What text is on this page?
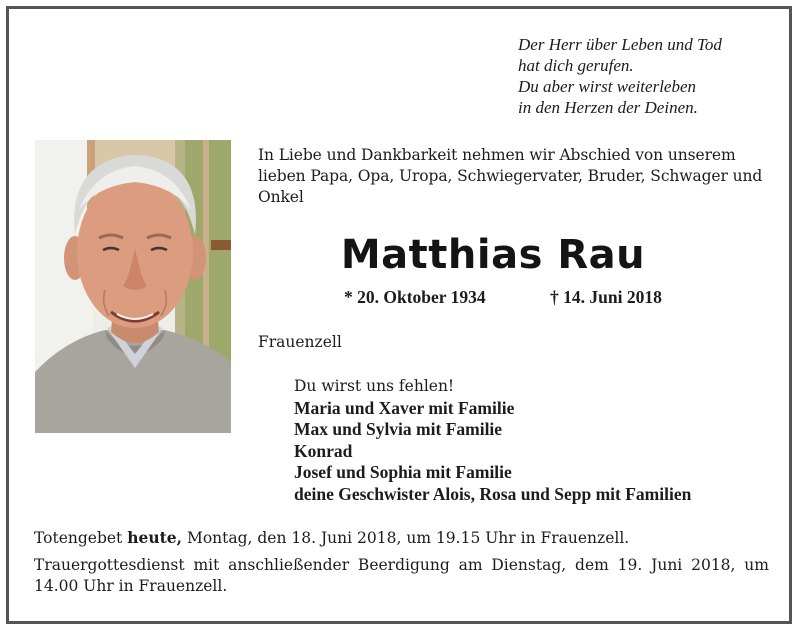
Der Herr über Leben und Tod
hat dich gerufen.
Du aber wirst weiterleben
in den Herzen der Deinen.
In Liebe und Dankbarkeit nehmen wir Abschied von unserem lieben Papa, Opa, Uropa, Schwiegervater, Bruder, Schwager und Onkel
Matthias Rau
* 20. Oktober 1934	† 14. Juni 2018
Frauenzell
Du wirst uns fehlen!
Maria und Xaver mit Familie
Max und Sylvia mit Familie
Konrad
Josef und Sophia mit Familie
deine Geschwister Alois, Rosa und Sepp mit Familien

Totengebet heute, Montag, den 18. Juni 2018, um 19.15 Uhr in Frauenzell.

Trauergottesdienst mit anschließender Beerdigung am Dienstag, dem 19. Juni 2018, um 14.00 Uhr in Frauenzell.
